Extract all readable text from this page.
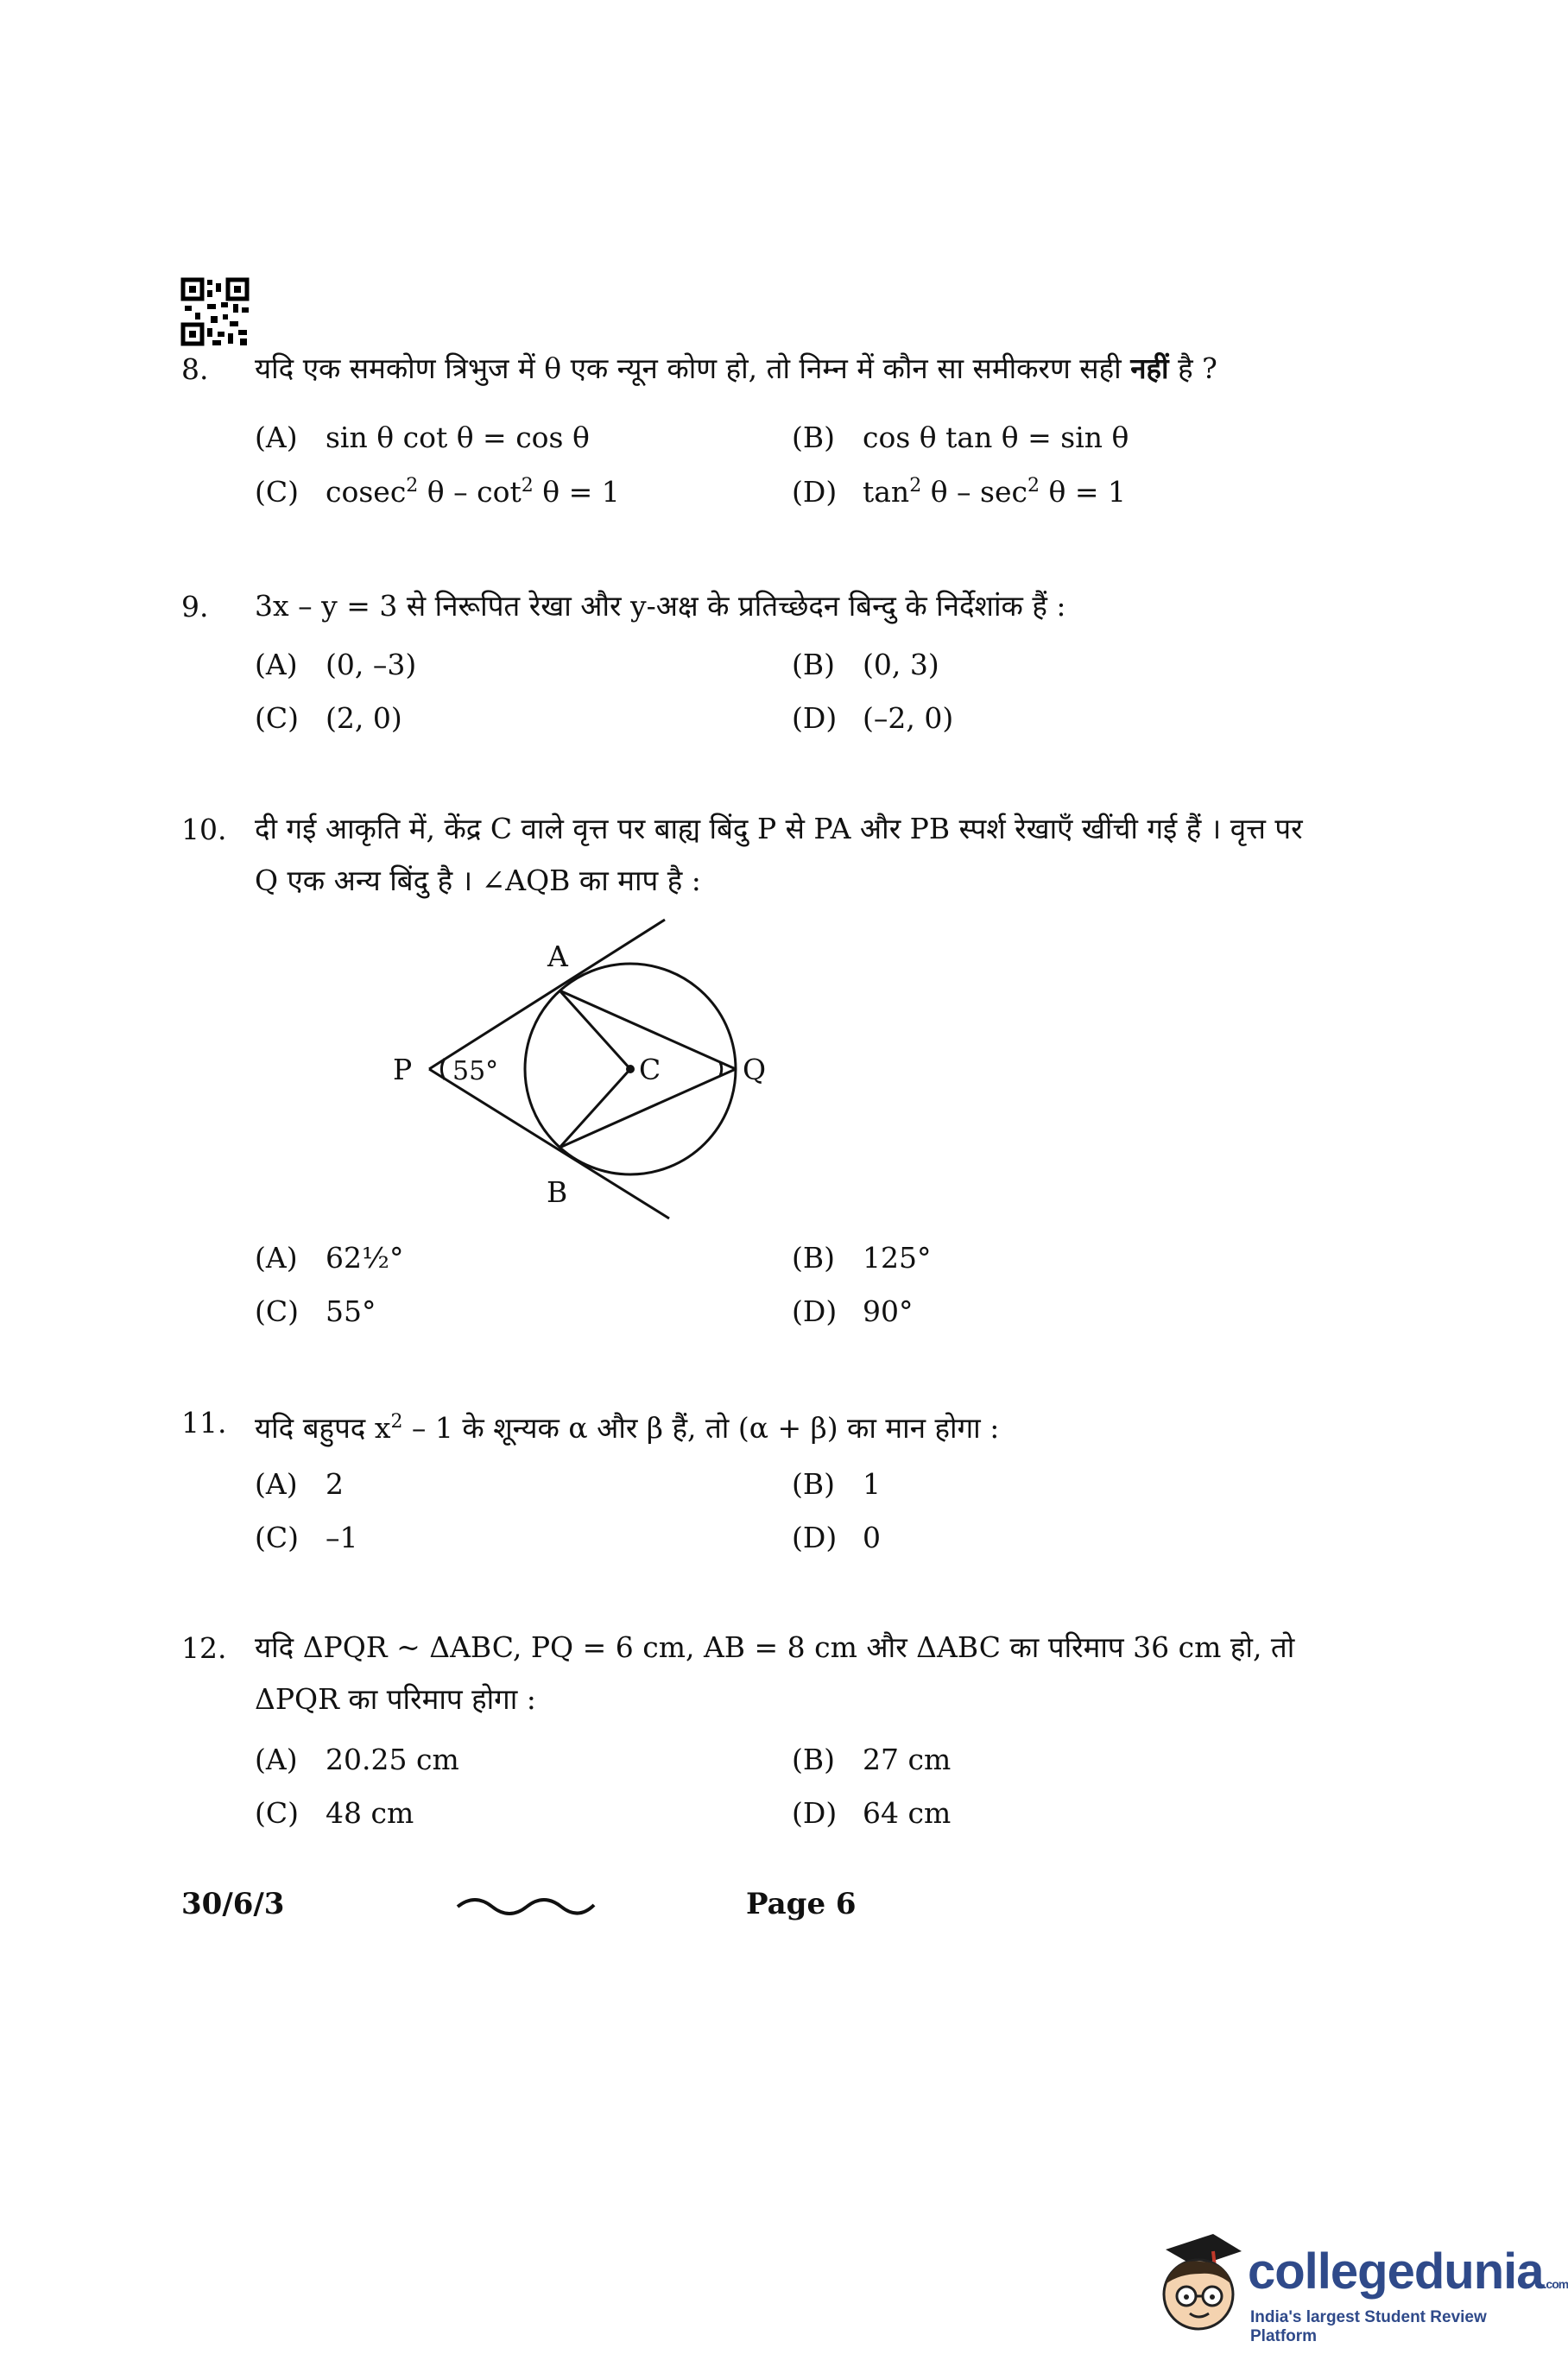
8. यदि एक समकोण त्रिभुज में θ एक न्यून कोण हो, तो निम्न में कौन सा समीकरण सही नहीं है ?
(A) sin θ cot θ = cos θ	(B) cos θ tan θ = sin θ
(C) cosec$^2$ $\theta - \cot^2 \theta = 1$	(D) $\tan^2 \theta - \sec^2 \theta = 1$
9. 3x – y = 3 से निरूपित रेखा और y-अक्ष के प्रतिच्छेदन बिन्दु के निर्देशांक हैं :
(A) (0, –3)	(B) (0, 3)
(C) (2, 0)	(D) (–2, 0)
10. दी गई आकृति में, केंद्र C वाले वृत्त पर बाह्य बिंदु P से PA और PB स्पर्श रेखाएँ खींची गई हैं । वृत्त पर
Q एक अन्य बिंदु है । ∠AQB का माप है :
A
B
C
P	Q
55°
(A) 62½°	(B) 125°
(C) 55°	(D) 90°
11. यदि बहुपद $x^2 - 1$ के शून्यक α और β हैं, तो (α + β) का मान होगा :
(A) 2	(B) 1
(C) –1	(D) 0
12. यदि ΔPQR ~ ΔABC, PQ = 6 cm, AB = 8 cm और ΔABC का परिमाप 36 cm हो, तो
ΔPQR का परिमाप होगा :
(A) 20.25 cm	(B) 27 cm
(C) 48 cm	(D) 64 cm
30/6/3	Page 6
collegedunia.com
India's largest Student Review Platform
